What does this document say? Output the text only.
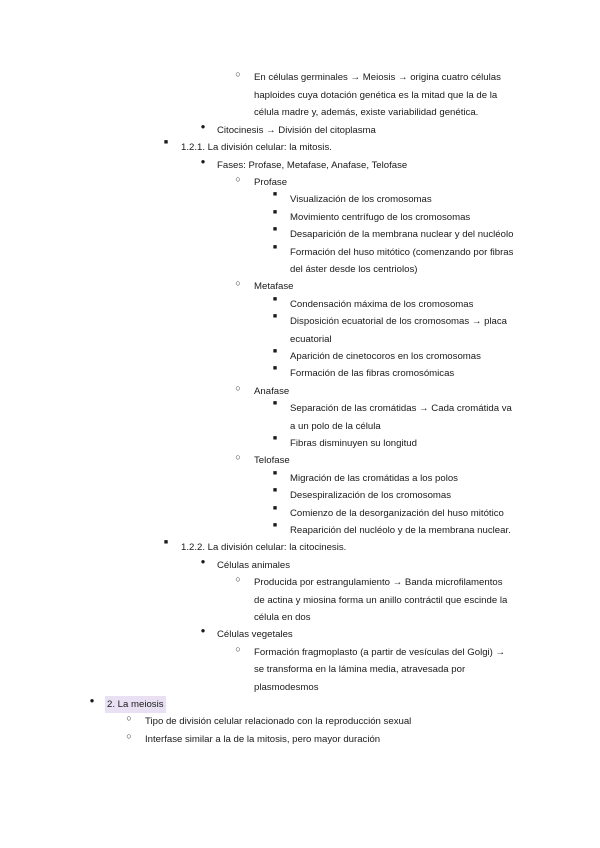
○	En células germinales → Meiosis → origina cuatro células
haploides cuya dotación genética es la mitad que la de la
célula madre y, además, existe variabilidad genética.
●	Citocinesis → División del citoplasma
■	1.2.1. La división celular: la mitosis.
●	Fases: Profase, Metafase, Anafase, Telofase
○	Profase
■	Visualización de los cromosomas
■	Movimiento centrífugo de los cromosomas
■	Desaparición de la membrana nuclear y del nucléolo
■	Formación del huso mitótico (comenzando por fibras
del áster desde los centriolos)
○	Metafase
■	Condensación máxima de los cromosomas
■	Disposición ecuatorial de los cromosomas → placa
ecuatorial
■	Aparición de cinetocoros en los cromosomas
■	Formación de las fibras cromosómicas
○	Anafase
■	Separación de las cromátidas → Cada cromátida va
a un polo de la célula
■	Fibras disminuyen su longitud
○	Telofase
■	Migración de las cromátidas a los polos
■	Desespiralización de los cromosomas
■	Comienzo de la desorganización del huso mitótico
■	Reaparición del nucléolo y de la membrana nuclear.
■	1.2.2. La división celular: la citocinesis.
●	Células animales
○	Producida por estrangulamiento → Banda microfilamentos
de actina y miosina forma un anillo contráctil que escinde la
célula en dos
●	Células vegetales
○	Formación fragmoplasto (a partir de vesículas del Golgi) →
se transforma en la lámina media, atravesada por
plasmodesmos
●	2. La meiosis
○	Tipo de división celular relacionado con la reproducción sexual
○	Interfase similar a la de la mitosis, pero mayor duración
